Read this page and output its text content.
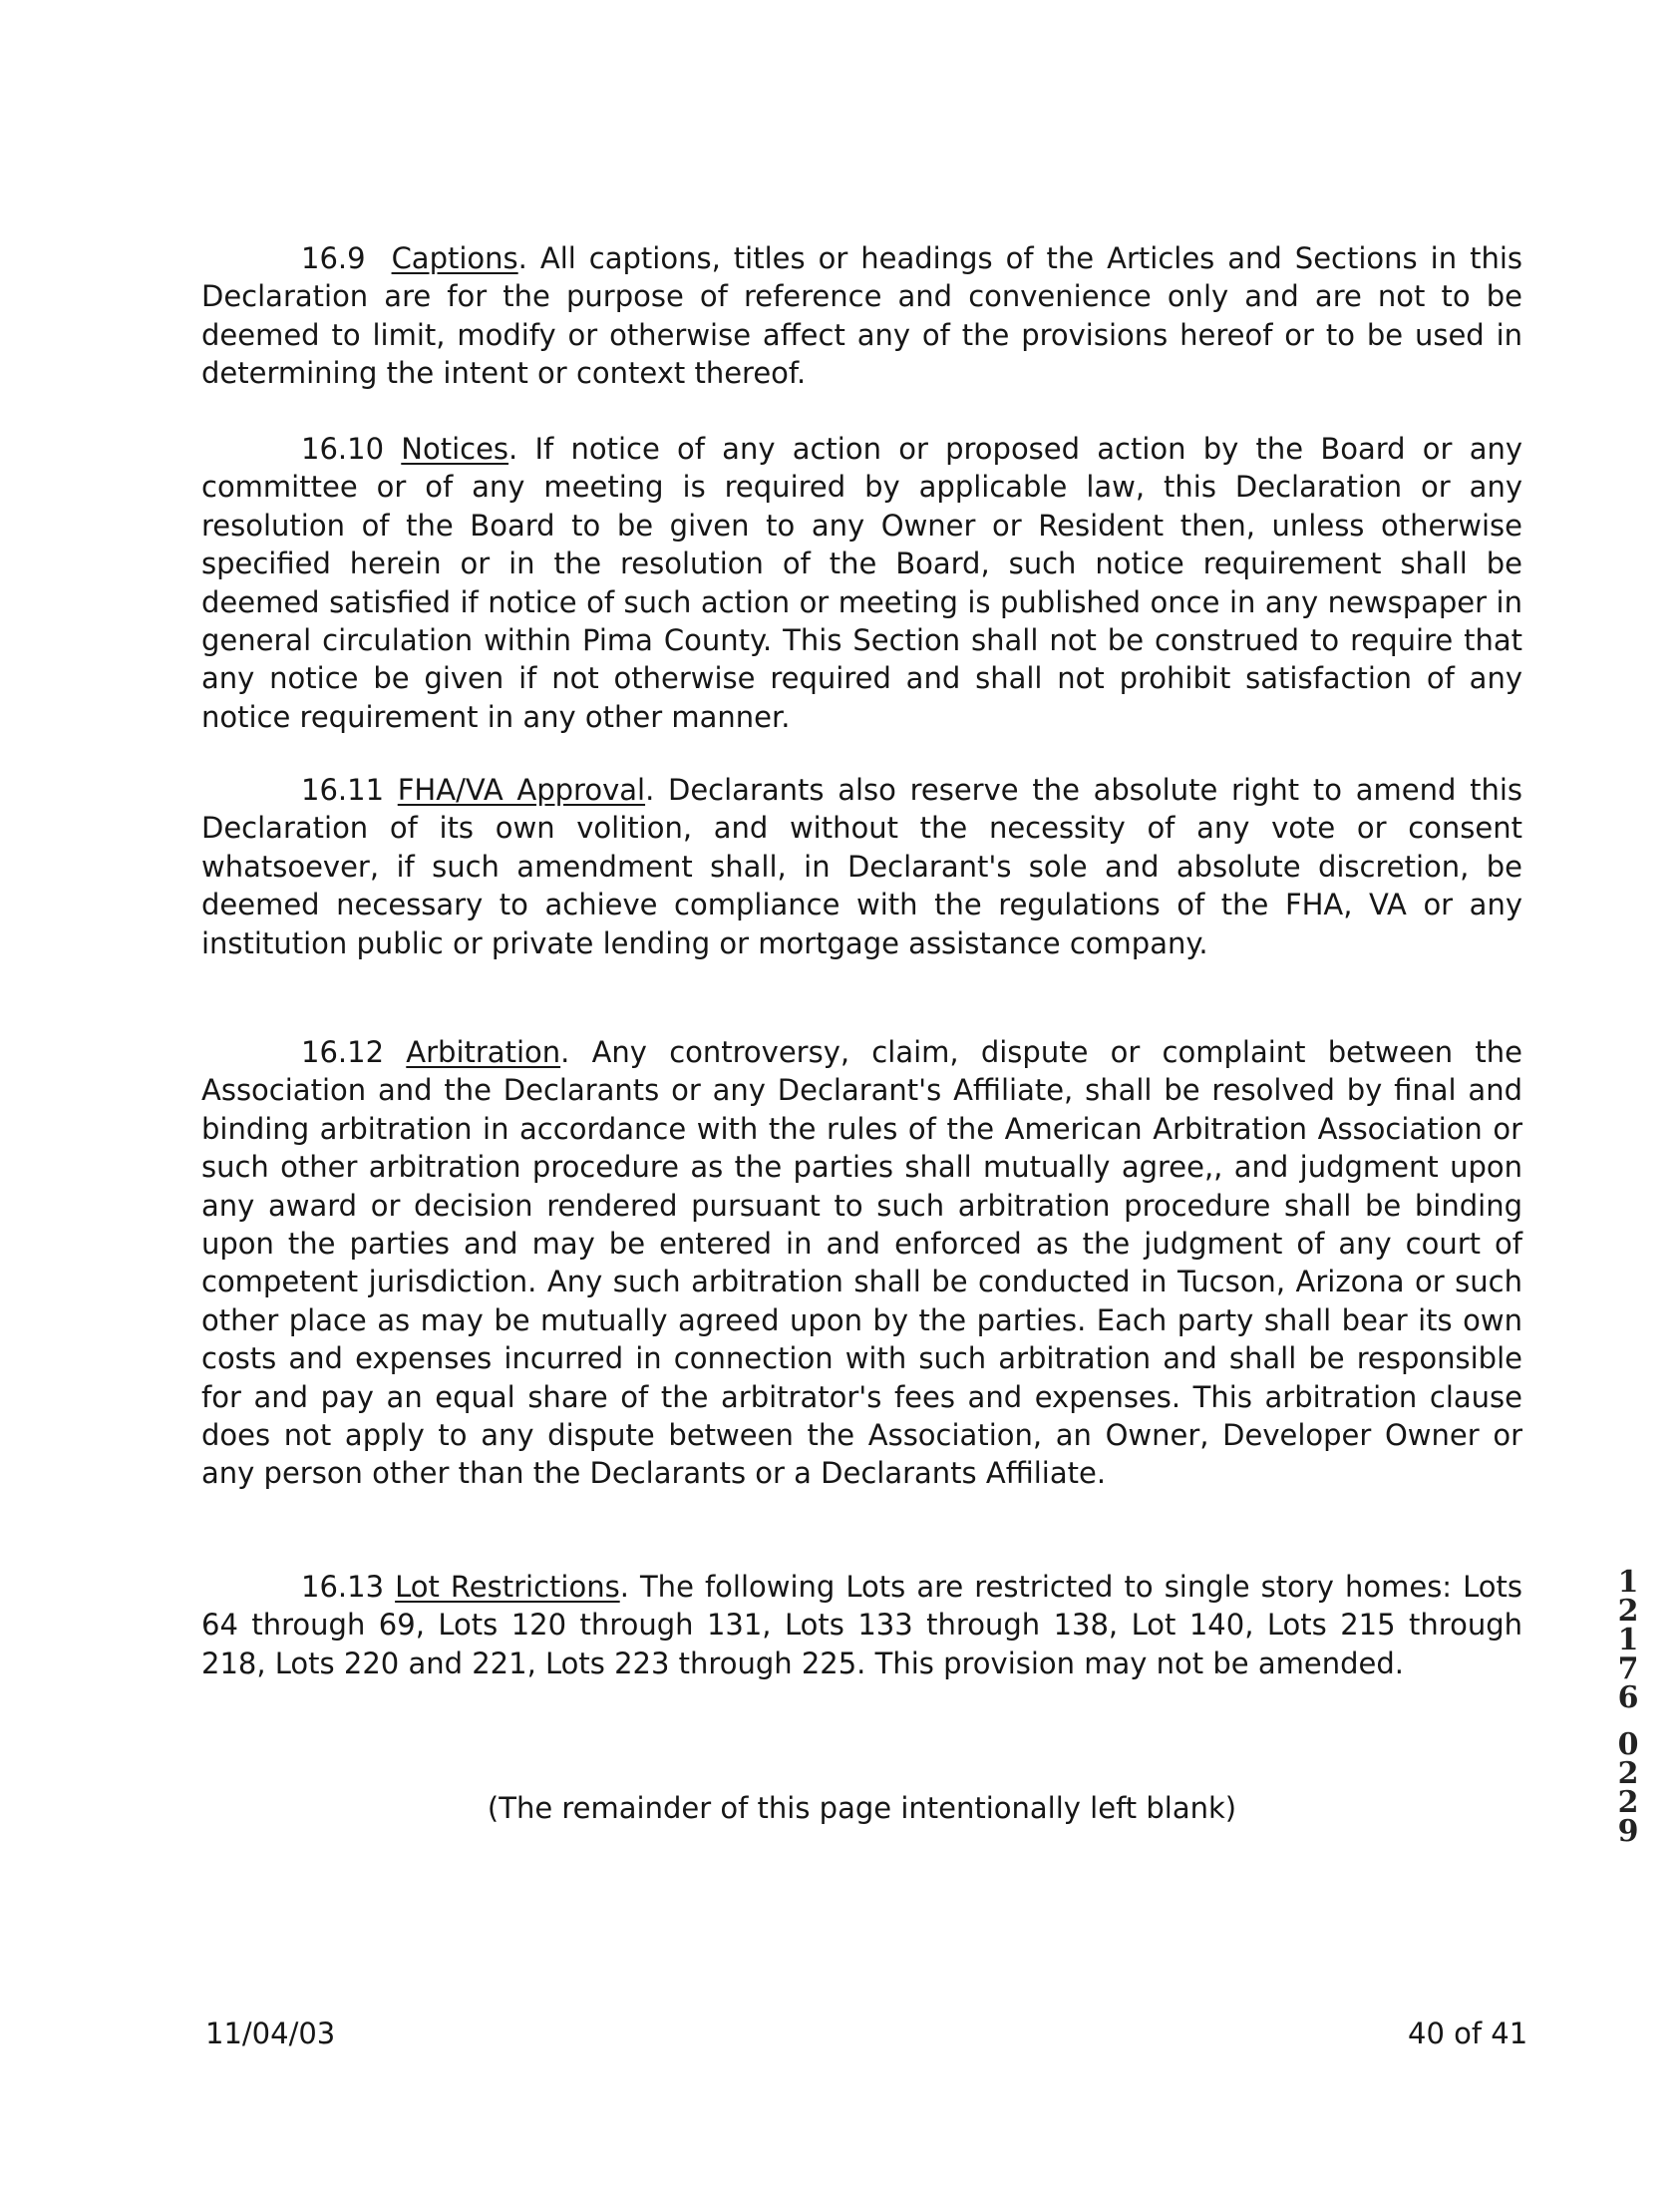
16.9 Captions. All captions, titles or headings of the Articles and Sections in this Declaration are for the purpose of reference and convenience only and are not to be deemed to limit, modify or otherwise affect any of the provisions hereof or to be used in determining the intent or context thereof.
16.10 Notices. If notice of any action or proposed action by the Board or any committee or of any meeting is required by applicable law, this Declaration or any resolution of the Board to be given to any Owner or Resident then, unless otherwise specified herein or in the resolution of the Board, such notice requirement shall be deemed satisfied if notice of such action or meeting is published once in any newspaper in general circulation within Pima County. This Section shall not be construed to require that any notice be given if not otherwise required and shall not prohibit satisfaction of any notice requirement in any other manner.
16.11 FHA/VA Approval. Declarants also reserve the absolute right to amend this Declaration of its own volition, and without the necessity of any vote or consent whatsoever, if such amendment shall, in Declarant's sole and absolute discretion, be deemed necessary to achieve compliance with the regulations of the FHA, VA or any institution public or private lending or mortgage assistance company.
16.12 Arbitration. Any controversy, claim, dispute or complaint between the Association and the Declarants or any Declarant's Affiliate, shall be resolved by final and binding arbitration in accordance with the rules of the American Arbitration Association or such other arbitration procedure as the parties shall mutually agree,, and judgment upon any award or decision rendered pursuant to such arbitration procedure shall be binding upon the parties and may be entered in and enforced as the judgment of any court of competent jurisdiction. Any such arbitration shall be conducted in Tucson, Arizona or such other place as may be mutually agreed upon by the parties. Each party shall bear its own costs and expenses incurred in connection with such arbitration and shall be responsible for and pay an equal share of the arbitrator's fees and expenses. This arbitration clause does not apply to any dispute between the Association, an Owner, Developer Owner or any person other than the Declarants or a Declarants Affiliate.
16.13 Lot Restrictions. The following Lots are restricted to single story homes: Lots 64 through 69, Lots 120 through 131, Lots 133 through 138, Lot 140, Lots 215 through 218, Lots 220 and 221, Lots 223 through 225. This provision may not be amended.
(The remainder of this page intentionally left blank)
11/04/03	40 of 41
1
2
1
7
6
0
2
2
9
